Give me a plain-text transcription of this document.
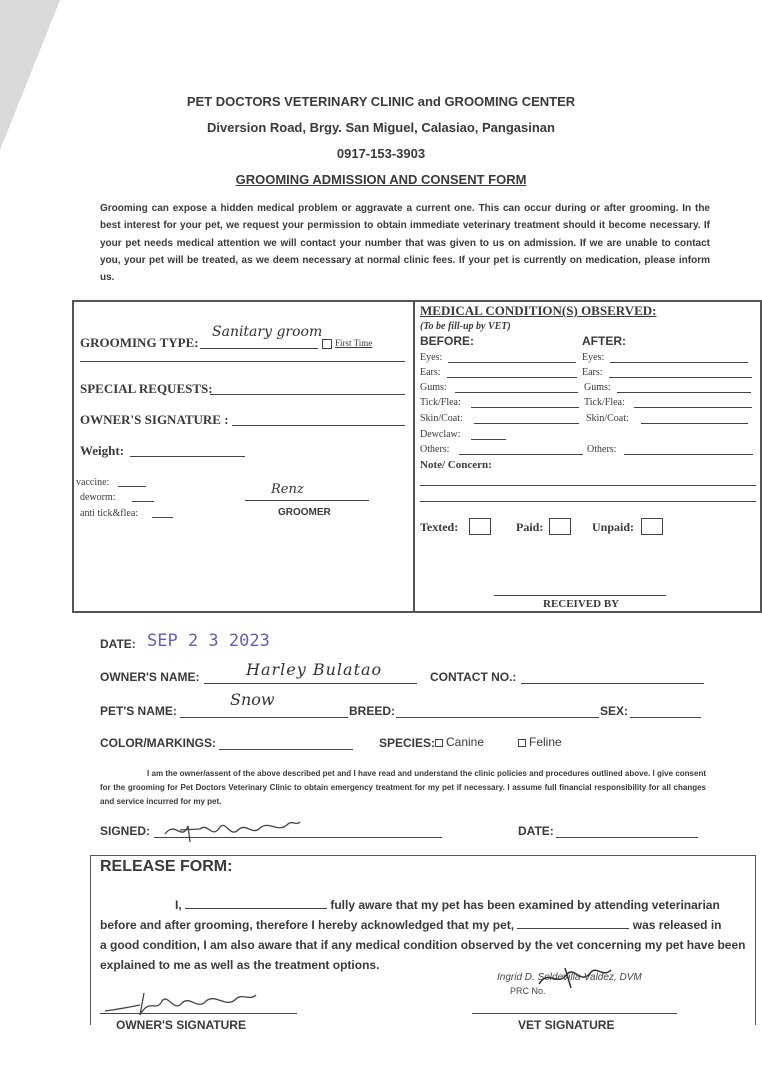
PET DOCTORS VETERINARY CLINIC and GROOMING CENTER
Diversion Road, Brgy. San Miguel, Calasiao, Pangasinan
0917-153-3903
GROOMING ADMISSION AND CONSENT FORM
Grooming can expose a hidden medical problem or aggravate a current one. This can occur during or after grooming. In the best interest for your pet, we request your permission to obtain immediate veterinary treatment should it become necessary. If your pet needs medical attention we will contact your number that was given to us on admission. If we are unable to contact you, your pet will be treated, as we deem necessary at normal clinic fees. If your pet is currently on medication, please inform us.
GROOMING TYPE:
Sanitary groom
First Time
SPECIAL REQUESTS:
OWNER'S SIGNATURE :
Weight:
vaccine:
deworm:
anti tick&flea:
Renz
GROOMER
MEDICAL CONDITION(S) OBSERVED:
(To be fill-up by VET)
BEFORE:	AFTER:
Eyes:	Eyes:
Ears:	Ears:
Gums:	Gums:
Tick/Flea:	Tick/Flea:
Skin/Coat:	Skin/Coat:
Dewclaw:
Others:	Others:
Note/ Concern:
Texted:	Paid:	Unpaid:
RECEIVED BY
DATE: SEP 2 3 2023
OWNER'S NAME:	Harley Bulatao	CONTACT NO.:
PET'S NAME:
Snow
BREED:	SEX:
COLOR/MARKINGS:	SPECIES: Canine	Feline
I am the owner/assent of the above described pet and I have read and understand the clinic policies and procedures outlined above. I give consent for the grooming for Pet Doctors Veterinary Clinic to obtain emergency treatment for my pet if necessary. I assume full financial responsibility for all changes and service incurred for my pet.
SIGNED:	DATE:
RELEASE FORM:
I,	fully aware that my pet has been examined by attending veterinarian
before and after grooming, therefore I hereby acknowledged that my pet,	was released in
a good condition, I am also aware that if any medical condition observed by the vet concerning my pet have been explained to me as well as the treatment options.
OWNER'S SIGNATURE
Ingrid D. Soldevilla-Valdez, DVM
PRC No.
VET SIGNATURE
